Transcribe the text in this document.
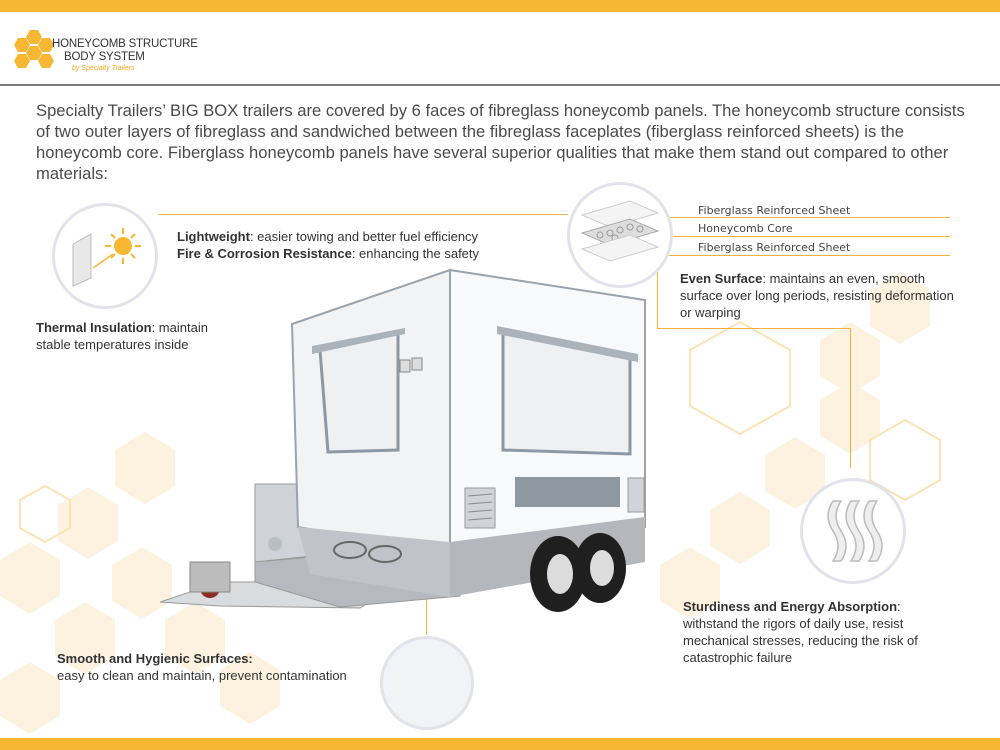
HONEYCOMB STRUCTURE
BODY SYSTEM
by Specialty Trailers
Specialty Trailers’ BIG BOX trailers are covered by 6 faces of fibreglass honeycomb panels. The honeycomb structure consists of two outer layers of fibreglass and sandwiched between the fibreglass faceplates (fiberglass reinforced sheets) is the honeycomb core. Fiberglass honeycomb panels have several superior qualities that make them stand out compared to other materials:
Fiberglass Reinforced Sheet
Honeycomb Core
Fiberglass Reinforced Sheet
Lightweight: easier towing and better fuel efficiency
Fire & Corrosion Resistance: enhancing the safety
Thermal Insulation: maintain stable temperatures inside
Even Surface: maintains an even, smooth surface over long periods, resisting deformation or warping
Sturdiness and Energy Absorption: withstand the rigors of daily use, resist mechanical stresses, reducing the risk of catastrophic failure
Smooth and Hygienic Surfaces:
easy to clean and maintain, prevent contamination
